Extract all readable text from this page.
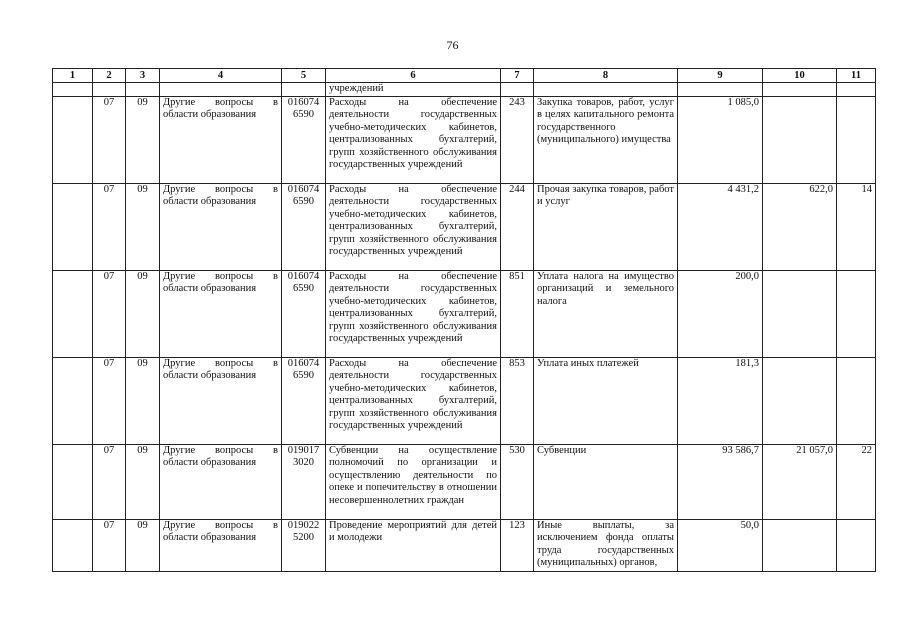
76
1	2	3	4	5	6	7	8	9	10	11
					учреждений					
	07	09	Другие вопросы в области образования	016074 6590	Расходы на обеспечение деятельности государственных учебно-методических кабинетов, централизованных бухгалтерий, групп хозяйственного обслуживания государственных учреждений	243	Закупка товаров, работ, услуг в целях капитального ремонта государственного (муниципального) имущества	1 085,0		
	07	09	Другие вопросы в области образования	016074 6590	Расходы на обеспечение деятельности государственных учебно-методических кабинетов, централизованных бухгалтерий, групп хозяйственного обслуживания государственных учреждений	244	Прочая закупка товаров, работ и услуг	4 431,2	622,0	14
	07	09	Другие вопросы в области образования	016074 6590	Расходы на обеспечение деятельности государственных учебно-методических кабинетов, централизованных бухгалтерий, групп хозяйственного обслуживания государственных учреждений	851	Уплата налога на имущество организаций и земельного налога	200,0		
	07	09	Другие вопросы в области образования	016074 6590	Расходы на обеспечение деятельности государственных учебно-методических кабинетов, централизованных бухгалтерий, групп хозяйственного обслуживания государственных учреждений	853	Уплата иных платежей	181,3		
	07	09	Другие вопросы в области образования	019017 3020	Субвенции на осуществление полномочий по организации и осуществлению деятельности по опеке и попечительству в отношении несовершеннолетних граждан	530	Субвенции	93 586,7	21 057,0	22
	07	09	Другие вопросы в области образования	019022 5200	Проведение мероприятий для детей и молодежи	123	Иные выплаты, за исключением фонда оплаты труда государственных (муниципальных) органов,	50,0		
